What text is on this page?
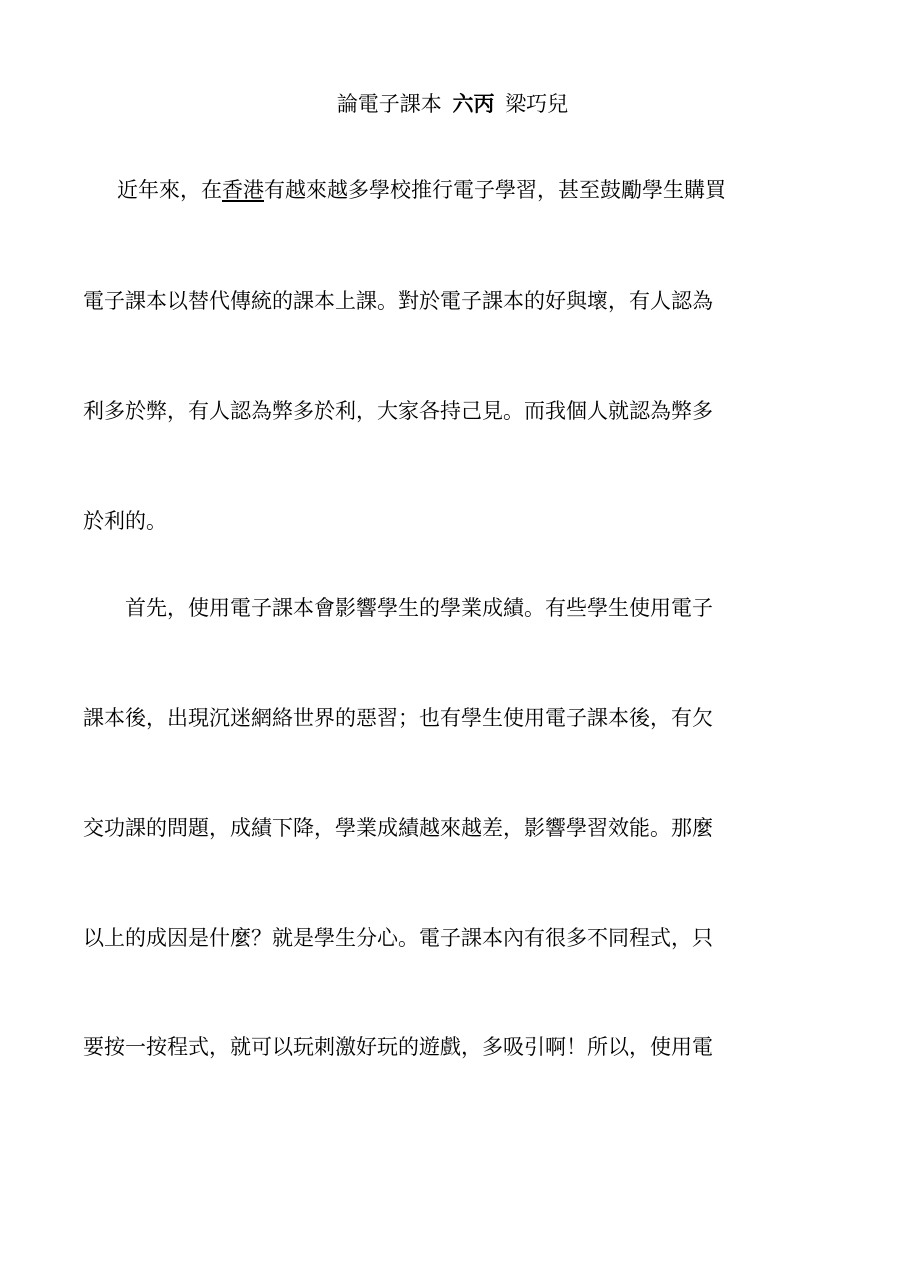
論電子課本 六丙 梁巧兒
近年來，在香港有越來越多學校推行電子學習，甚至鼓勵學生購買
電子課本以替代傳統的課本上課。對於電子課本的好與壞，有人認為
利多於弊，有人認為弊多於利，大家各持己見。而我個人就認為弊多
於利的。
首先，使用電子課本會影響學生的學業成績。有些學生使用電子
課本後，出現沉迷網絡世界的惡習；也有學生使用電子課本後，有欠
交功課的問題，成績下降，學業成績越來越差，影響學習效能。那麼
以上的成因是什麼？就是學生分心。電子課本內有很多不同程式，只
要按一按程式，就可以玩刺激好玩的遊戲，多吸引啊！所以，使用電
